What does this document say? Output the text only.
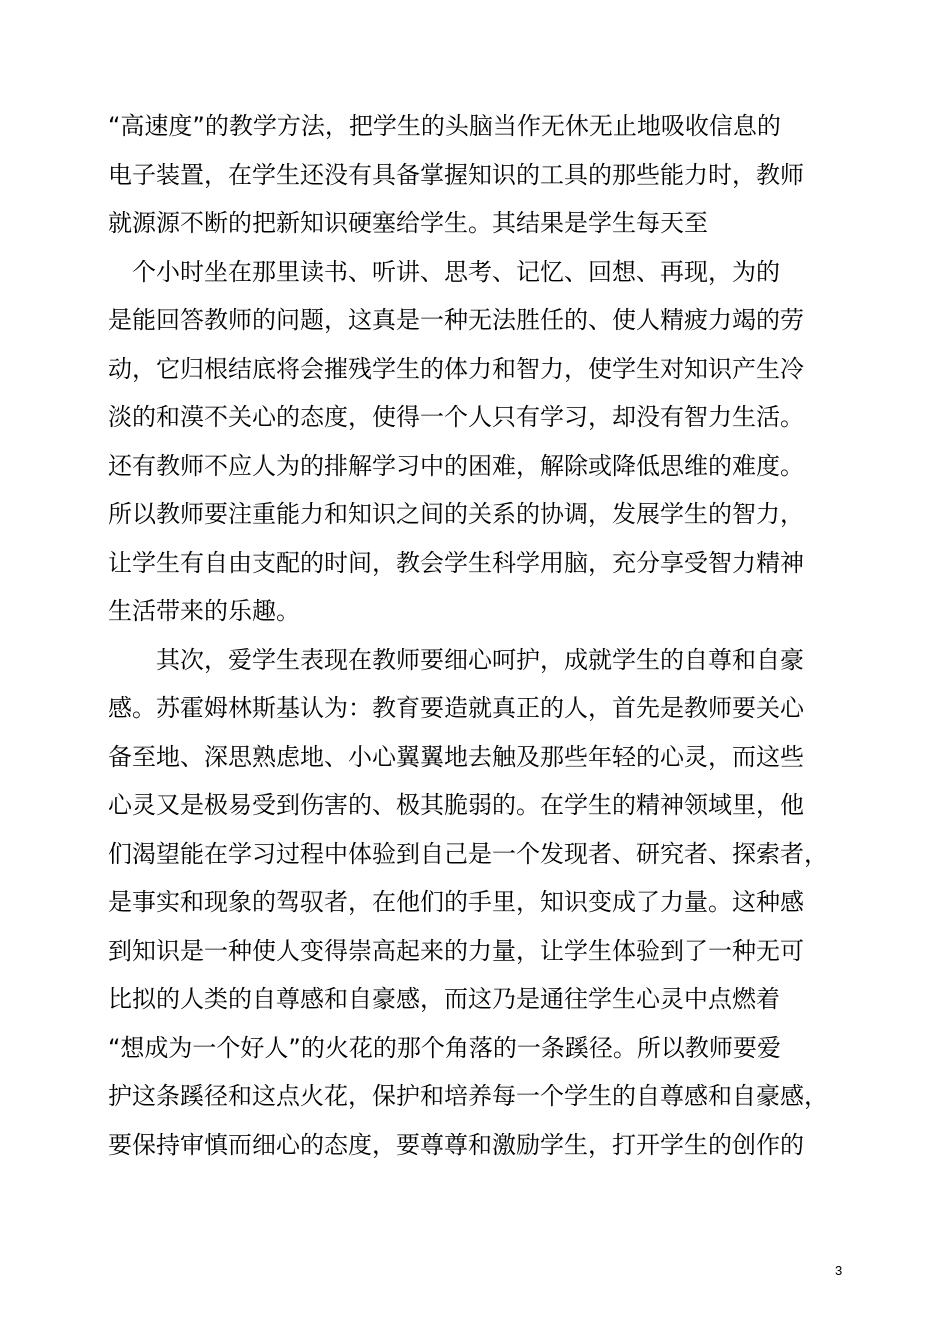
“高速度”的教学方法，把学生的头脑当作无休无止地吸收信息的
电子装置，在学生还没有具备掌握知识的工具的那些能力时，教师
就源源不断的把新知识硬塞给学生。其结果是学生每天至
　个小时坐在那里读书、听讲、思考、记忆、回想、再现，为的
是能回答教师的问题，这真是一种无法胜任的、使人精疲力竭的劳
动，它归根结底将会摧残学生的体力和智力，使学生对知识产生冷
淡的和漠不关心的态度，使得一个人只有学习，却没有智力生活。
还有教师不应人为的排解学习中的困难，解除或降低思维的难度。
所以教师要注重能力和知识之间的关系的协调，发展学生的智力，
让学生有自由支配的时间，教会学生科学用脑，充分享受智力精神
生活带来的乐趣。
　　其次，爱学生表现在教师要细心呵护，成就学生的自尊和自豪
感。苏霍姆林斯基认为：教育要造就真正的人，首先是教师要关心
备至地、深思熟虑地、小心翼翼地去触及那些年轻的心灵，而这些
心灵又是极易受到伤害的、极其脆弱的。在学生的精神领域里，他
们渴望能在学习过程中体验到自己是一个发现者、研究者、探索者，
是事实和现象的驾驭者，在他们的手里，知识变成了力量。这种感
到知识是一种使人变得崇高起来的力量，让学生体验到了一种无可
比拟的人类的自尊感和自豪感，而这乃是通往学生心灵中点燃着
“想成为一个好人”的火花的那个角落的一条蹊径。所以教师要爱
护这条蹊径和这点火花，保护和培养每一个学生的自尊感和自豪感，
要保持审慎而细心的态度，要尊尊和激励学生，打开学生的创作的
3
